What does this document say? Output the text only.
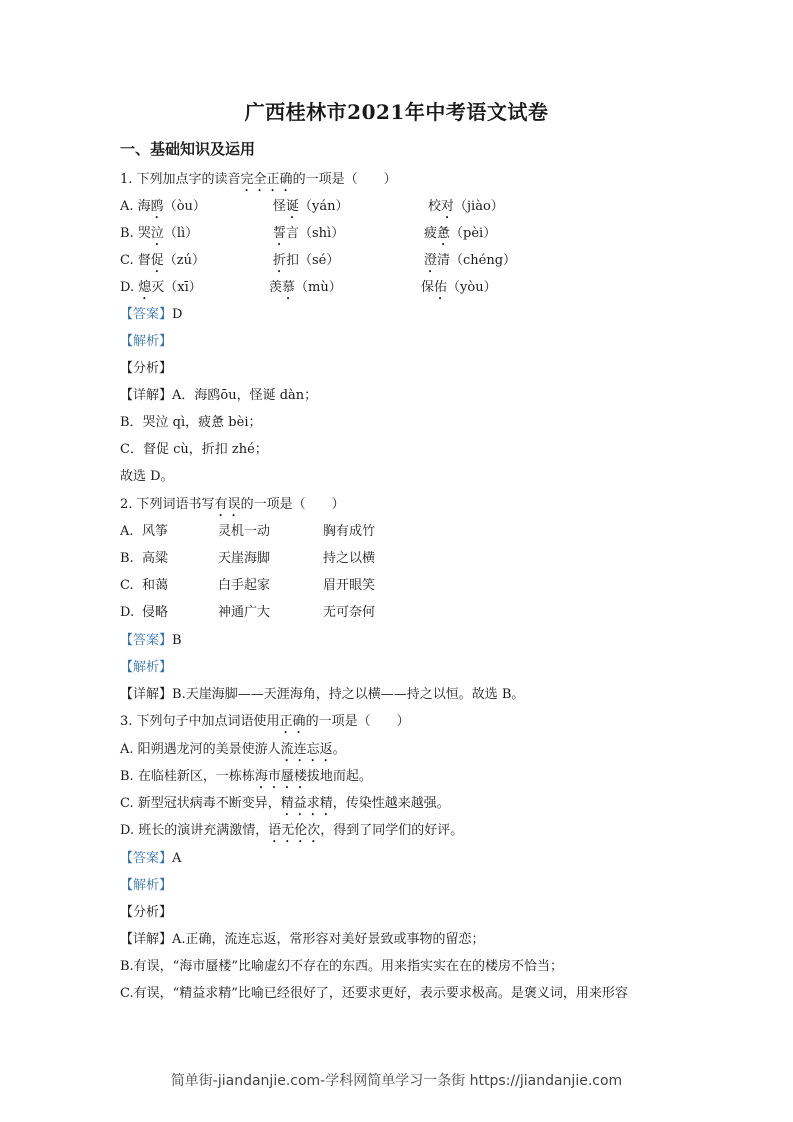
广西桂林市2021年中考语文试卷
一、基础知识及运用
1. 下列加点字的读音完全正确的一项是（　　）
A. 海鸥（òu）	怪诞（yán）	校对（jiào）
B. 哭泣（lì）	誓言（shì）	疲惫（pèi）
C. 督促（zú）	折扣（sé）	澄清（chéng）
D. 熄灭（xī）	羡慕（mù）	保佑（yòu）
【答案】D
【解析】
【分析】
【详解】A．海鸥ōu，怪诞 dàn；
B．哭泣 qì，疲惫 bèi；
C．督促 cù，折扣 zhé；
故选 D。
2. 下列词语书写有误的一项是（　　）
A. 风筝	灵机一动	胸有成竹
B. 高粱	天崖海脚	持之以横
C. 和蔼	白手起家	眉开眼笑
D. 侵略	神通广大	无可奈何
【答案】B
【解析】
【详解】B.天崖海脚——天涯海角，持之以横——持之以恒。故选 B。
3. 下列句子中加点词语使用正确的一项是（　　）
A. 阳朔遇龙河的美景使游人流连忘返。
B. 在临桂新区，一栋栋海市蜃楼拔地而起。
C. 新型冠状病毒不断变异，精益求精，传染性越来越强。
D. 班长的演讲充满激情，语无伦次，得到了同学们的好评。
【答案】A
【解析】
【分析】
【详解】A.正确，流连忘返，常形容对美好景致或事物的留恋；
B.有误，“海市蜃楼”比喻虚幻不存在的东西。用来指实实在在的楼房不恰当；
C.有误，“精益求精”比喻已经很好了，还要求更好，表示要求极高。是褒义词，用来形容
简单街-jiandanjie.com-学科网简单学习一条街 https://jiandanjie.com
